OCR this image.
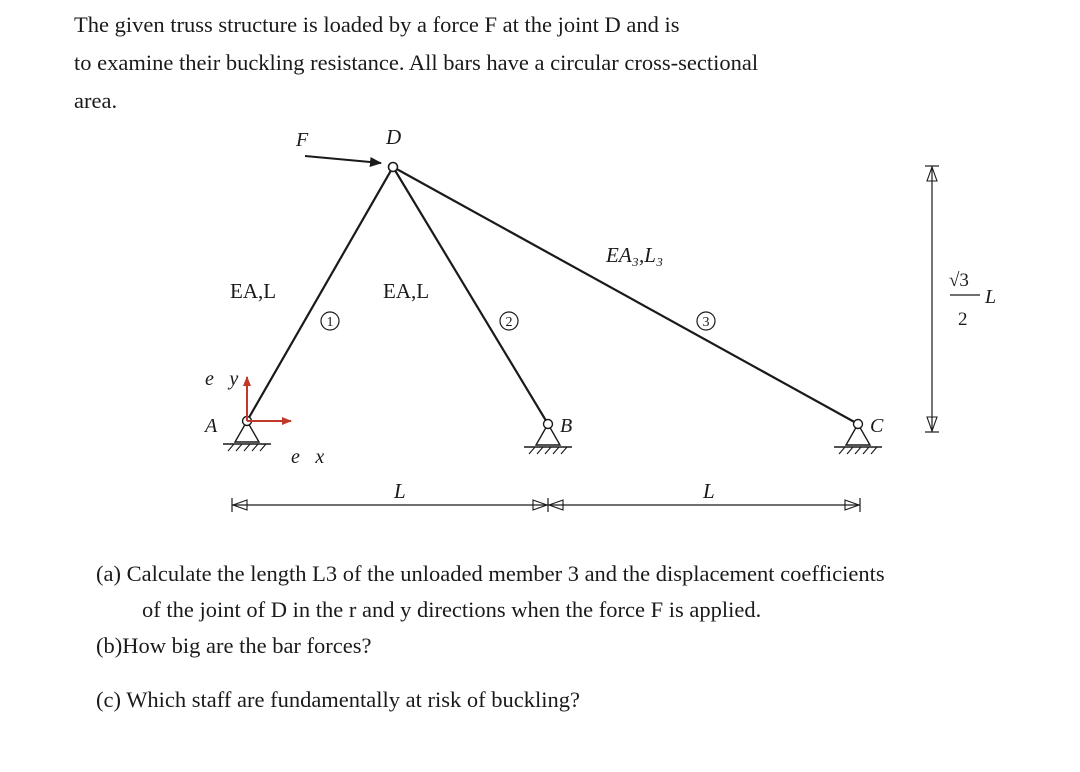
The given truss structure is loaded by a force F at the joint D and is
to examine their buckling resistance. All bars have a circular cross-sectional
area.

F	D
A	B	C
e⃗y
e⃗x
EA,L	EA,L
EA₃,L₃
1	2	3
L	L
√3
2
L
(a) Calculate the length L3 of the unloaded member 3 and the displacement coefficients
of the joint of D in the r and y directions when the force F is applied.
(b)How big are the bar forces?
(c) Which staff are fundamentally at risk of buckling?
